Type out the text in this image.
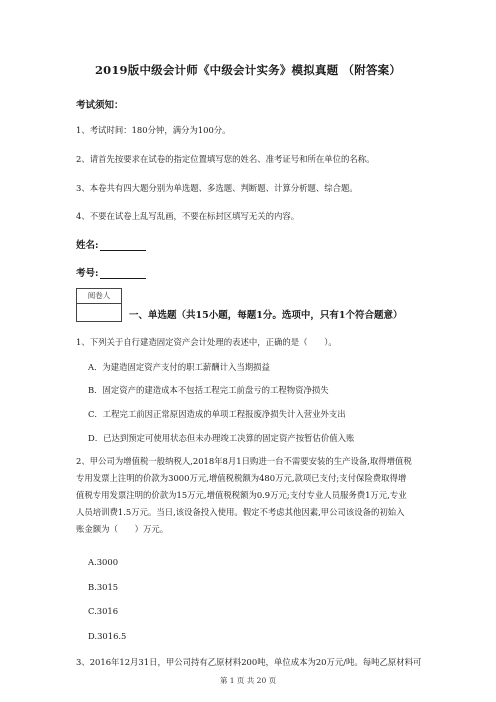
2019版中级会计师《中级会计实务》模拟真题 （附答案）
考试须知：
1、考试时间：180分钟，满分为100分。
2、请首先按要求在试卷的指定位置填写您的姓名、准考证号和所在单位的名称。
3、本卷共有四大题分别为单选题、多选题、判断题、计算分析题、综合题。
4、不要在试卷上乱写乱画，不要在标封区填写无关的内容。
姓名:
考号:
阅卷人
一、单选题（共15小题，每题1分。选项中，只有1个符合题意）
1、下列关于自行建造固定资产会计处理的表述中，正确的是（　　）。
A．为建造固定资产支付的职工薪酬计入当期损益
B．固定资产的建造成本不包括工程完工前盘亏的工程物资净损失
C．工程完工前因正常原因造成的单项工程报废净损失计入营业外支出
D．已达到预定可使用状态但未办理竣工决算的固定资产按暂估价值入账
2、甲公司为增值税一般纳税人,2018年8月1日购进一台不需要安装的生产设备,取得增值税
专用发票上注明的价款为3000万元,增值税税额为480万元,款项已支付;支付保险费取得增
值税专用发票注明的价款为15万元,增值税税额为0.9万元;支付专业人员服务费1万元,专业
人员培训费1.5万元。当日,该设备投入使用。假定不考虑其他因素,甲公司该设备的初始入
账金额为（　　）万元。
A.3000
B.3015
C.3016
D.3016.5
3、2016年12月31日，甲公司持有乙原材料200吨，单位成本为20万元/吨。每吨乙原材料可
第 1 页 共 20 页
